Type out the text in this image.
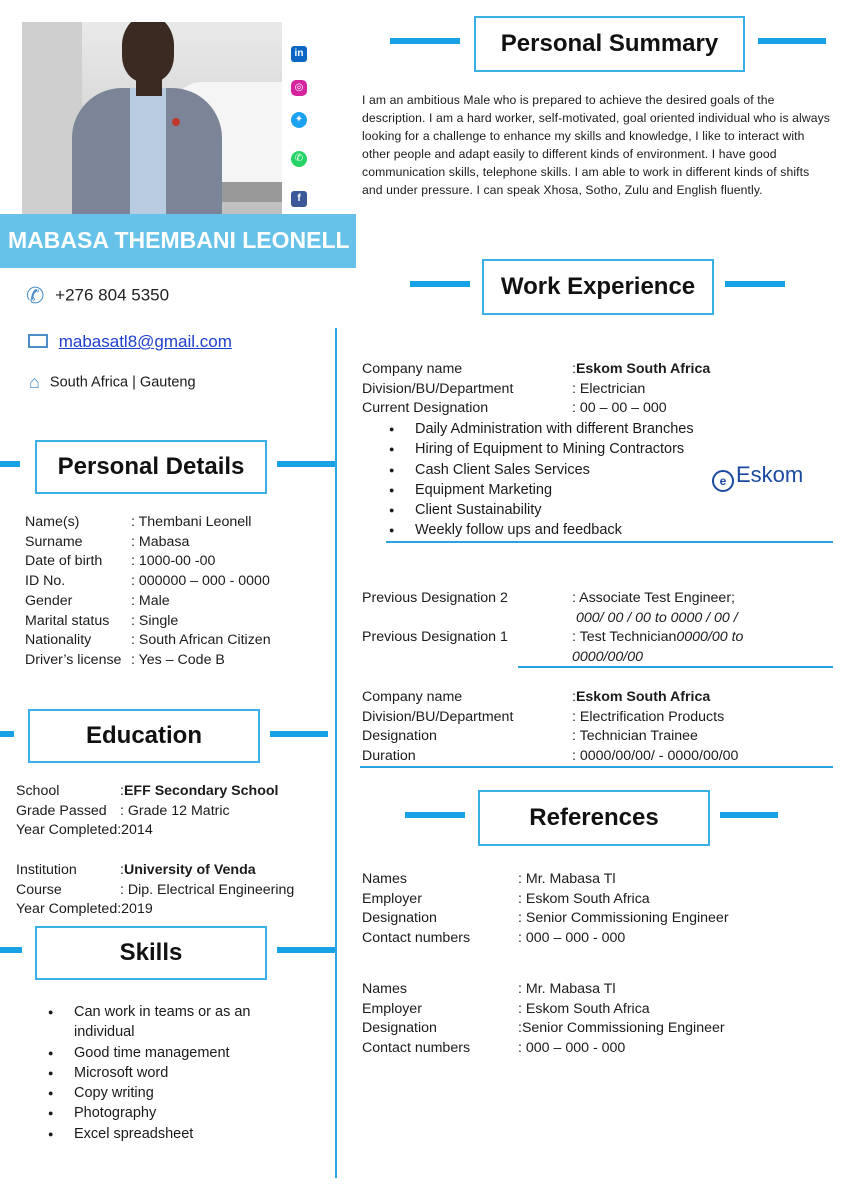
in
◎
✦
✆
f
MABASA THEMBANI LEONELL
✆ +276 804 5350
mabasatl8@gmail.com
⌂ South Africa | Gauteng
Personal Details
Name(s)	: Thembani Leonell
Surname	: Mabasa
Date of birth	: 1000-00 -00
ID No.	: 000000 – 000 - 0000
Gender	: Male
Marital status	: Single
Nationality	: South African Citizen
Driver’s license : Yes – Code B
Education
School	: EFF Secondary School
Grade Passed : Grade 12 Matric
Year Completed: 2014
Institution	: University of Venda
Course	: Dip. Electrical Engineering
Year Completed: 2019
Skills
● Can work in teams or as an individual
● Good time management
● Microsoft word
● Copy writing
● Photography
● Excel spreadsheet
Personal Summary
I am an ambitious Male who is prepared to achieve the desired goals of the description. I am a hard worker, self-motivated, goal oriented individual who is always looking for a challenge to enhance my skills and knowledge, I like to interact with other people and adapt easily to different kinds of environment. I have good communication skills, telephone skills. I am able to work in different kinds of shifts and under pressure. I can speak Xhosa, Sotho, Zulu and English fluently.
Work Experience
Company name	: Eskom South Africa
Division/BU/Department	: Electrician
Current Designation	: 00 – 00 – 000
● Daily Administration with different Branches
● Hiring of Equipment to Mining Contractors
● Cash Client Sales Services
● Equipment Marketing
● Client Sustainability
● Weekly follow ups and feedback
e Eskom
Previous Designation 2	: Associate Test Engineer;
000/ 00 / 00 to 0000 / 00 /
Previous Designation 1	: Test Technician 0000/00 to
0000/00/00
Company name	: Eskom South Africa
Division/BU/Department	: Electrification Products
Designation	: Technician Trainee
Duration	: 0000/00/00/ - 0000/00/00
References
Names	: Mr. Mabasa Tl
Employer	: Eskom South Africa
Designation	: Senior Commissioning Engineer
Contact numbers	: 000 – 000 - 000
Names	: Mr. Mabasa Tl
Employer	: Eskom South Africa
Designation	:Senior Commissioning Engineer
Contact numbers	: 000 – 000 - 000
